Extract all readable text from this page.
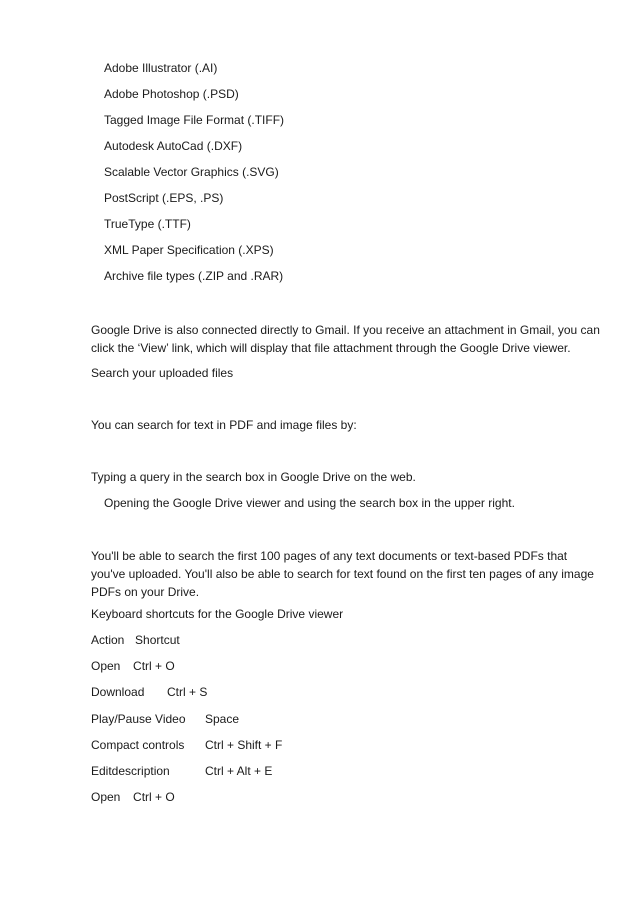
Adobe Illustrator (.AI)
Adobe Photoshop (.PSD)
Tagged Image File Format (.TIFF)
Autodesk AutoCad (.DXF)
Scalable Vector Graphics (.SVG)
PostScript (.EPS, .PS)
TrueType (.TTF)
XML Paper Specification (.XPS)
Archive file types (.ZIP and .RAR)
Google Drive is also connected directly to Gmail. If you receive an attachment in Gmail, you can click the ‘View’ link, which will display that file attachment through the Google Drive viewer.
Search your uploaded files
You can search for text in PDF and image files by:
Typing a query in the search box in Google Drive on the web.
Opening the Google Drive viewer and using the search box in the upper right.
You'll be able to search the first 100 pages of any text documents or text-based PDFs that you've uploaded. You'll also be able to search for text found on the first ten pages of any image PDFs on your Drive.
Keyboard shortcuts for the Google Drive viewer
Action Shortcut
Open Ctrl + O
Download Ctrl + S
Play/Pause Video Space
Compact controls Ctrl + Shift + F
Editdescription	Ctrl + Alt + E
Open Ctrl + O
